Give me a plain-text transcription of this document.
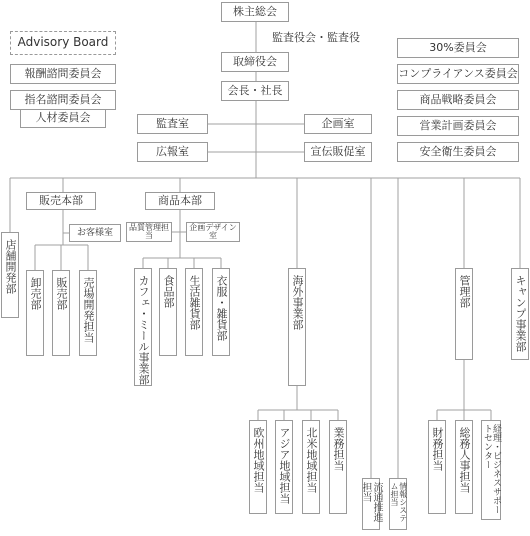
株主総会
監査役会・監査役
取締役会
会長・社長
監査室	企画室
広報室	宣伝販促室
Advisory Board
報酬諮問委員会
指名諮問委員会
人材委員会
30%委員会
コンプライアンス委員会
商品戦略委員会
営業計画委員会
安全衛生委員会
店舗開発部
販売本部
お客様室
卸売部 販売部 売場開発担当
商品本部
品質管理担当
企画デザイン室
カフェ・ミール事業部 食品部 生活雑貨部 衣服・雑貨部	海外事業部
欧州地域担当 アジア地域担当 北米地域担当 業務担当
流通推進担当	情報システム担当
管理部
財務担当 総務人事担当	経理・ビジネスサポートセンター
キャンプ事業部
